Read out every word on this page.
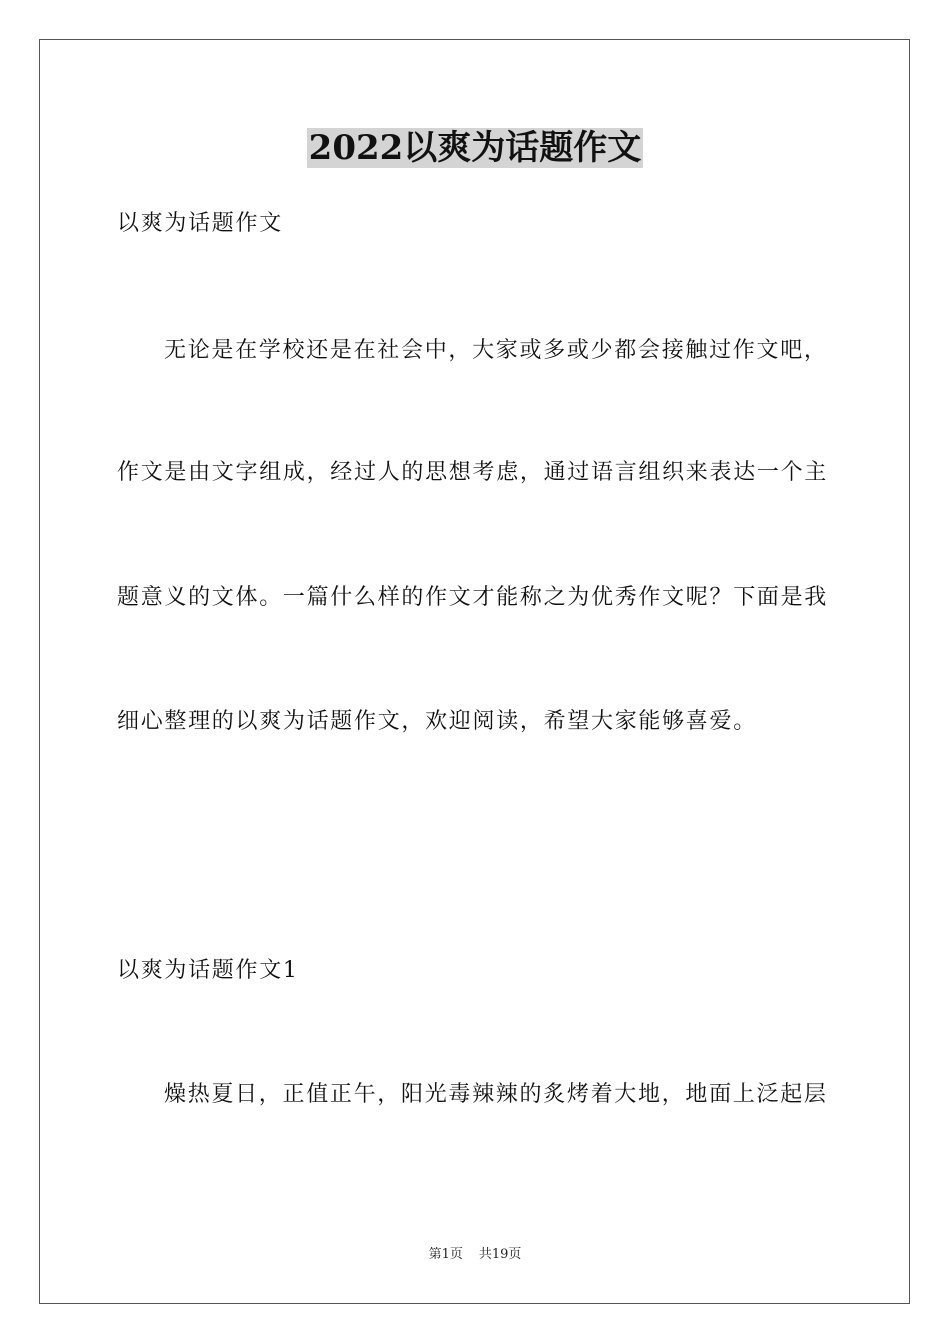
2022以爽为话题作文
以爽为话题作文
无论是在学校还是在社会中，大家或多或少都会接触过作文吧，
作文是由文字组成，经过人的思想考虑，通过语言组织来表达一个主
题意义的文体。一篇什么样的作文才能称之为优秀作文呢？下面是我
细心整理的以爽为话题作文，欢迎阅读，希望大家能够喜爱。
以爽为话题作文1
燥热夏日，正值正午，阳光毒辣辣的炙烤着大地，地面上泛起层
第1页 共19页
